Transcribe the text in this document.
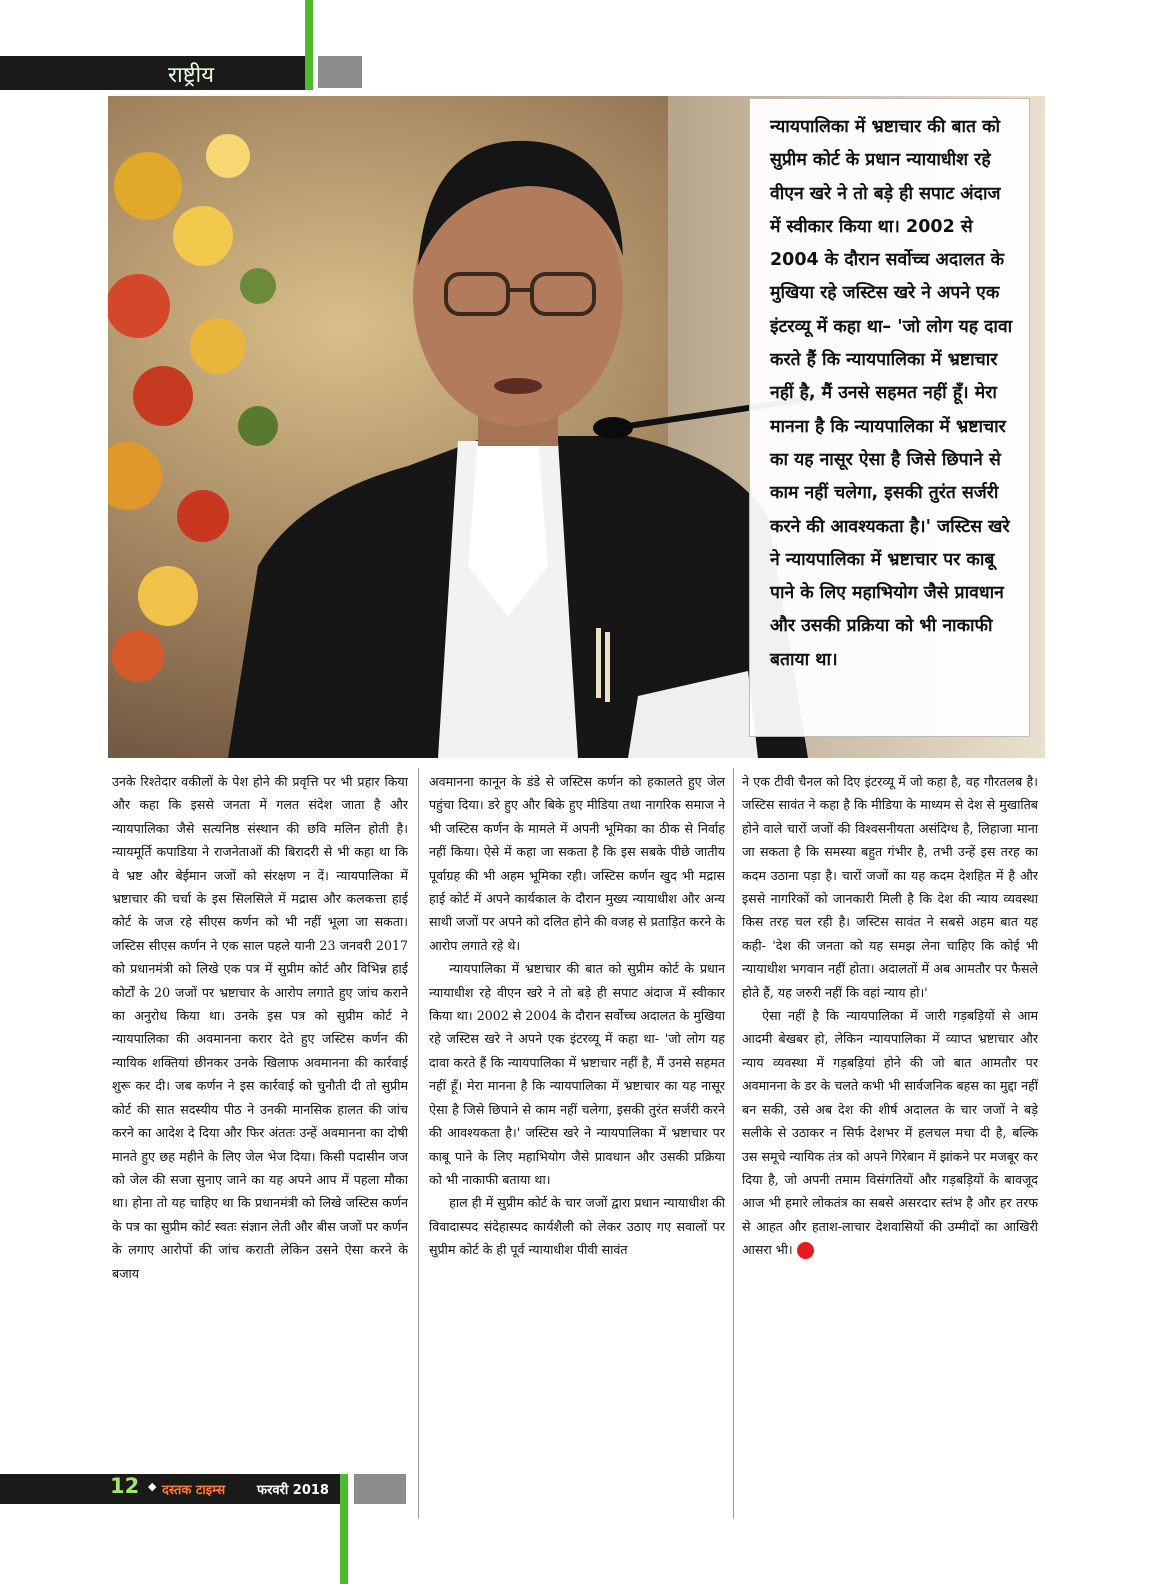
राष्ट्रीय

न्यायपालिका में भ्रष्टाचार की बात को सुप्रीम कोर्ट के प्रधान न्यायाधीश रहे वीएन खरे ने तो बड़े ही सपाट अंदाज में स्वीकार किया था। 2002 से 2004 के दौरान सर्वोच्च अदालत के मुखिया रहे जस्टिस खरे ने अपने एक इंटरव्यू में कहा था– 'जो लोग यह दावा करते हैं कि न्यायपालिका में भ्रष्टाचार नहीं है, मैं उनसे सहमत नहीं हूँ। मेरा मानना है कि न्यायपालिका में भ्रष्टाचार का यह नासूर ऐसा है जिसे छिपाने से काम नहीं चलेगा, इसकी तुरंत सर्जरी करने की आवश्यकता है।' जस्टिस खरे ने न्यायपालिका में भ्रष्टाचार पर काबू पाने के लिए महाभियोग जैसे प्रावधान और उसकी प्रक्रिया को भी नाकाफी बताया था।

उनके रिश्तेदार वकीलों के पेश होने की प्रवृत्ति पर भी प्रहार किया और कहा कि इससे जनता में गलत संदेश जाता है और न्यायपालिका जैसे सत्यनिष्ठ संस्थान की छवि मलिन होती है। न्यायमूर्ति कपाडिया ने राजनेताओं की बिरादरी से भी कहा था कि वे भ्रष्ट और बेईमान जजों को संरक्षण न दें। न्यायपालिका में भ्रष्टाचार की चर्चा के इस सिलसिले में मद्रास और कलकत्ता हाई कोर्ट के जज रहे सीएस कर्णन को भी नहीं भूला जा सकता। जस्टिस सीएस कर्णन ने एक साल पहले यानी 23 जनवरी 2017 को प्रधानमंत्री को लिखे एक पत्र में सुप्रीम कोर्ट और विभिन्न हाई कोर्टों के 20 जजों पर भ्रष्टाचार के आरोप लगाते हुए जांच कराने का अनुरोध किया था। उनके इस पत्र को सुप्रीम कोर्ट ने न्यायपालिका की अवमानना करार देते हुए जस्टिस कर्णन की न्यायिक शक्तियां छीनकर उनके खिलाफ अवमानना की कार्रवाई शुरू कर दी। जब कर्णन ने इस कार्रवाई को चुनौती दी तो सुप्रीम कोर्ट की सात सदस्यीय पीठ ने उनकी मानसिक हालत की जांच करने का आदेश दे दिया और फिर अंततः उन्हें अवमानना का दोषी मानते हुए छह महीने के लिए जेल भेज दिया। किसी पदासीन जज को जेल की सजा सुनाए जाने का यह अपने आप में पहला मौका था। होना तो यह चाहिए था कि प्रधानमंत्री को लिखे जस्टिस कर्णन के पत्र का सुप्रीम कोर्ट स्वतः संज्ञान लेती और बीस जजों पर कर्णन के लगाए आरोपों की जांच कराती लेकिन उसने ऐसा करने के बजाय

अवमानना कानून के डंडे से जस्टिस कर्णन को हकालते हुए जेल पहुंचा दिया। डरे हुए और बिके हुए मीडिया तथा नागरिक समाज ने भी जस्टिस कर्णन के मामले में अपनी भूमिका का ठीक से निर्वाह नहीं किया। ऐसे में कहा जा सकता है कि इस सबके पीछे जातीय पूर्वाग्रह की भी अहम भूमिका रही। जस्टिस कर्णन खुद भी मद्रास हाई कोर्ट में अपने कार्यकाल के दौरान मुख्य न्यायाधीश और अन्य साथी जजों पर अपने को दलित होने की वजह से प्रताड़ित करने के आरोप लगाते रहे थे।

न्यायपालिका में भ्रष्टाचार की बात को सुप्रीम कोर्ट के प्रधान न्यायाधीश रहे वीएन खरे ने तो बड़े ही सपाट अंदाज में स्वीकार किया था। 2002 से 2004 के दौरान सर्वोच्च अदालत के मुखिया रहे जस्टिस खरे ने अपने एक इंटरव्यू में कहा था- 'जो लोग यह दावा करते हैं कि न्यायपालिका में भ्रष्टाचार नहीं है, मैं उनसे सहमत नहीं हूँ। मेरा मानना है कि न्यायपालिका में भ्रष्टाचार का यह नासूर ऐसा है जिसे छिपाने से काम नहीं चलेगा, इसकी तुरंत सर्जरी करने की आवश्यकता है।' जस्टिस खरे ने न्यायपालिका में भ्रष्टाचार पर काबू पाने के लिए महाभियोग जैसे प्रावधान और उसकी प्रक्रिया को भी नाकाफी बताया था।

हाल ही में सुप्रीम कोर्ट के चार जजों द्वारा प्रधान न्यायाधीश की विवादास्पद संदेहास्पद कार्यशैली को लेकर उठाए गए सवालों पर सुप्रीम कोर्ट के ही पूर्व न्यायाधीश पीवी सावंत

ने एक टीवी चैनल को दिए इंटरव्यू में जो कहा है, वह गौरतलब है। जस्टिस सावंत ने कहा है कि मीडिया के माध्यम से देश से मुखातिब होने वाले चारों जजों की विश्वसनीयता असंदिग्ध है, लिहाजा माना जा सकता है कि समस्या बहुत गंभीर है, तभी उन्हें इस तरह का कदम उठाना पड़ा है। चारों जजों का यह कदम देशहित में है और इससे नागरिकों को जानकारी मिली है कि देश की न्याय व्यवस्था किस तरह चल रही है। जस्टिस सावंत ने सबसे अहम बात यह कही- 'देश की जनता को यह समझ लेना चाहिए कि कोई भी न्यायाधीश भगवान नहीं होता। अदालतों में अब आमतौर पर फैसले होते हैं, यह जरुरी नहीं कि वहां न्याय हो।'

ऐसा नहीं है कि न्यायपालिका में जारी गड़बड़ियों से आम आदमी बेखबर हो, लेकिन न्यायपालिका में व्याप्त भ्रष्टाचार और न्याय व्यवस्था में गड़बड़ियां होने की जो बात आमतौर पर अवमानना के डर के चलते कभी भी सार्वजनिक बहस का मुद्दा नहीं बन सकी, उसे अब देश की शीर्ष अदालत के चार जजों ने बड़े सलीके से उठाकर न सिर्फ देशभर में हलचल मचा दी है, बल्कि उस समूचे न्यायिक तंत्र को अपने गिरेबान में झांकने पर मजबूर कर दिया है, जो अपनी तमाम विसंगतियों और गड़बड़ियों के बावजूद आज भी हमारे लोकतंत्र का सबसे असरदार स्तंभ है और हर तरफ से आहत और हताश-लाचार देशवासियों की उम्मीदों का आखिरी आसरा भी।

12 ◆ दस्तक टाइम्स फरवरी 2018
